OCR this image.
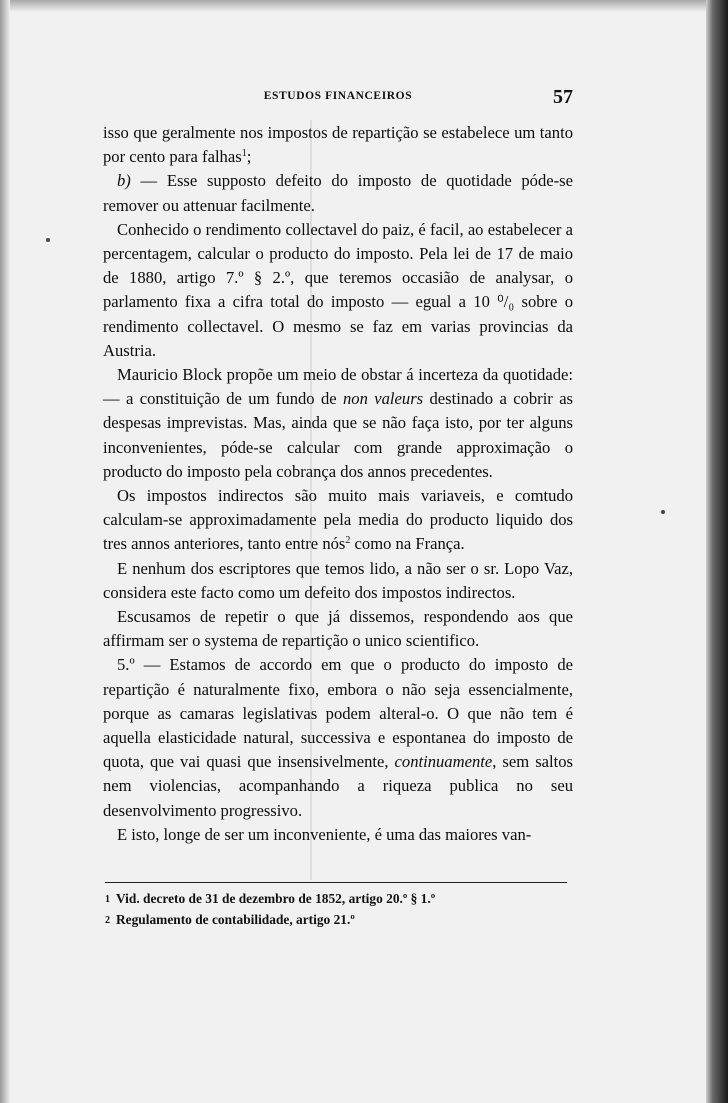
ESTUDOS FINANCEIROS	57

isso que geralmente nos impostos de repartição se estabelece um tanto por cento para falhas$^1$;

b) — Esse supposto defeito do imposto de quotidade póde-se remover ou attenuar facilmente.

Conhecido o rendimento collectavel do paiz, é facil, ao estabelecer a percentagem, calcular o producto do imposto. Pela lei de 17 de maio de 1880, artigo 7.º § 2.º, que teremos occasião de analysar, o parlamento fixa a cifra total do imposto — egual a 10 ⁰/₀ sobre o rendimento collectavel. O mesmo se faz em varias provincias da Austria.

Mauricio Block propõe um meio de obstar á incerteza da quotidade: — a constituição de um fundo de non valeurs destinado a cobrir as despesas imprevistas. Mas, ainda que se não faça isto, por ter alguns inconvenientes, póde-se calcular com grande approximação o producto do imposto pela cobrança dos annos precedentes.

Os impostos indirectos são muito mais variaveis, e comtudo calculam-se approximadamente pela media do producto liquido dos tres annos anteriores, tanto entre nós$^2$ como na França.

E nenhum dos escriptores que temos lido, a não ser o sr. Lopo Vaz, considera este facto como um defeito dos impostos indirectos.

Escusamos de repetir o que já dissemos, respondendo aos que affirmam ser o systema de repartição o unico scientifico.

5.º — Estamos de accordo em que o producto do imposto de repartição é naturalmente fixo, embora o não seja essencialmente, porque as camaras legislativas podem alteral-o. O que não tem é aquella elasticidade natural, successiva e espontanea do imposto de quota, que vai quasi que insensivelmente, continuamente, sem saltos nem violencias, acompanhando a riqueza publica no seu desenvolvimento progressivo.

E isto, longe de ser um inconveniente, é uma das maiores van-

1 Vid. decreto de 31 de dezembro de 1852, artigo 20.º § 1.º
2 Regulamento de contabilidade, artigo 21.º
